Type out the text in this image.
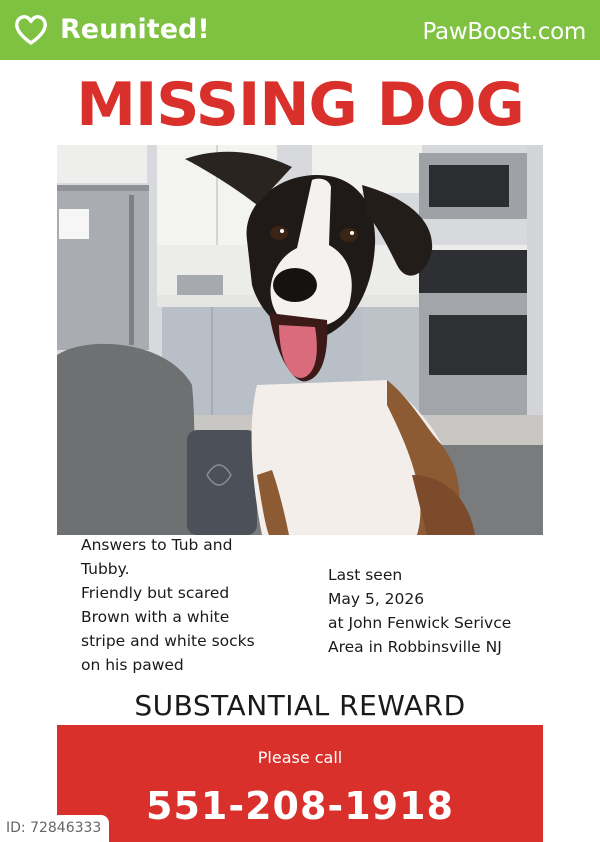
Reunited!	PawBoost.com
MISSING DOG
Answers to Tub and
Tubby.
Friendly but scared
Brown with a white
stripe and white socks
on his pawed
Last seen
May 5, 2026
at John Fenwick Serivce
Area in Robbinsville NJ
SUBSTANTIAL REWARD
Please call
551-208-1918
ID: 72846333
